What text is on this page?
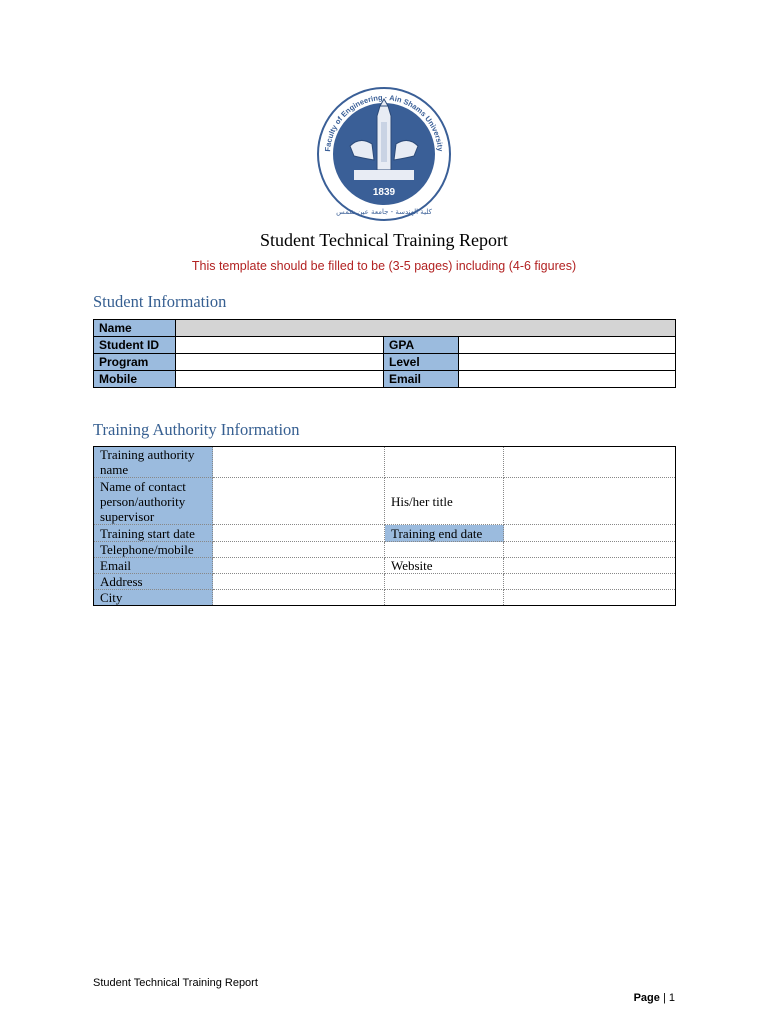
1839
Faculty of Engineering · Ain Shams University
كلية الهندسة - جامعة عين شمس
Student Technical Training Report
This template should be filled to be (3-5 pages) including (4-6 figures)
Student Information
Name			
Student ID		GPA	
Program		Level	
Mobile		Email	
Training Authority Information
Training authority name			
Name of contact person/authority supervisor		His/her title	
Training start date		Training end date	
Telephone/mobile			
Email		Website	
Address			
City			
Student Technical Training Report
Page | 1
